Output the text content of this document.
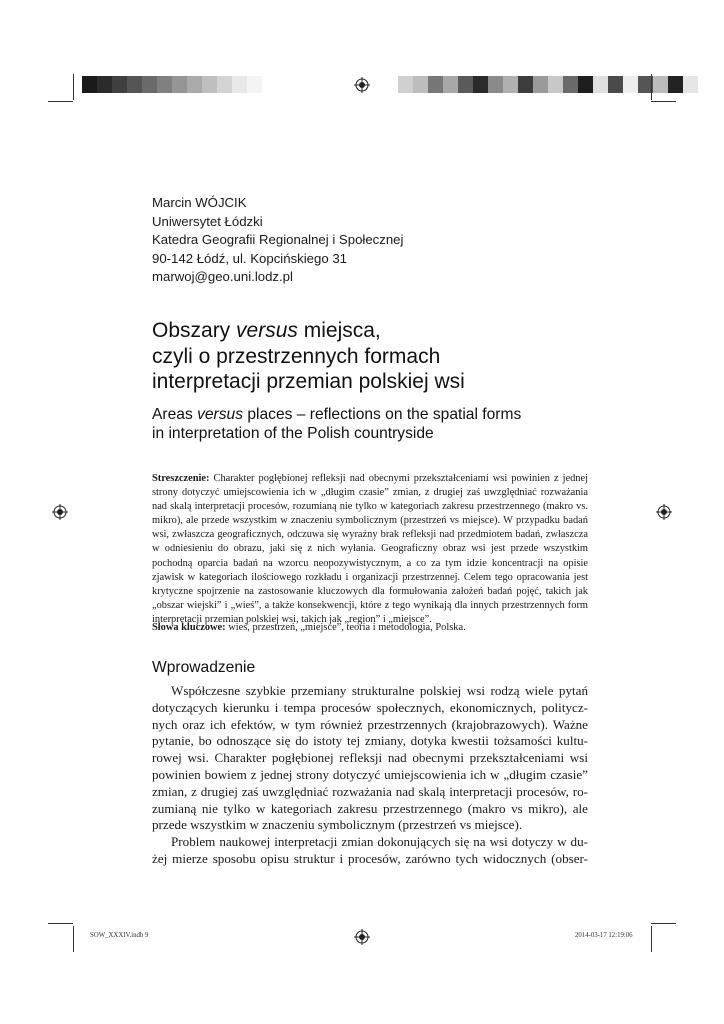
Marcin WÓJCIK
Uniwersytet Łódzki
Katedra Geografii Regionalnej i Społecznej
90-142 Łódź, ul. Kopcińskiego 31
marwoj@geo.uni.lodz.pl
Obszary versus miejsca,
czyli o przestrzennych formach
interpretacji przemian polskiej wsi
Areas versus places – reflections on the spatial forms
in interpretation of the Polish countryside

Streszczenie: Charakter pogłębionej refleksji nad obecnymi przekształceniami wsi powinien z jednej strony dotyczyć umiejscowienia ich w „długim czasie” zmian, z drugiej zaś uwzględniać rozważania nad skalą interpretacji procesów, rozumianą nie tylko w kategoriach zakresu przestrzennego (makro vs. mikro), ale przede wszystkim w znaczeniu symbolicznym (przestrzeń vs miejsce). W przypadku badań wsi, zwłaszcza geograficznych, odczuwa się wyraźny brak refleksji nad przedmiotem badań, zwłaszcza w odniesieniu do obrazu, jaki się z nich wyłania. Geograficzny obraz wsi jest przede wszystkim pochodną oparcia badań na wzorcu neopozywistycznym, a co za tym idzie koncentracji na opisie zjawisk w kategoriach ilościowego rozkładu i organizacji przestrzennej. Celem tego opracowania jest krytyczne spojrzenie na zastosowanie kluczowych dla formułowania założeń badań pojęć, takich jak „obszar wiejski” i „wieś”, a także konsekwencji, które z tego wynikają dla innych przestrzennych form interpretacji przemian polskiej wsi, takich jak „region” i „miejsce”.

Słowa kluczowe: wieś, przestrzeń, „miejsce”, teoria i metodologia, Polska.

Wprowadzenie

Współczesne szybkie przemiany strukturalne polskiej wsi rodzą wiele pytań
dotyczących kierunku i tempa procesów społecznych, ekonomicznych, politycz-
nych oraz ich efektów, w tym również przestrzennych (krajobrazowych). Ważne
pytanie, bo odnoszące się do istoty tej zmiany, dotyka kwestii tożsamości kultu-
rowej wsi. Charakter pogłębionej refleksji nad obecnymi przekształceniami wsi
powinien bowiem z jednej strony dotyczyć umiejscowienia ich w „długim czasie”
zmian, z drugiej zaś uwzględniać rozważania nad skalą interpretacji procesów, ro-
zumianą nie tylko w kategoriach zakresu przestrzennego (makro vs mikro), ale
przede wszystkim w znaczeniu symbolicznym (przestrzeń vs miejsce).

Problem naukowej interpretacji zmian dokonujących się na wsi dotyczy w du-
żej mierze sposobu opisu struktur i procesów, zarówno tych widocznych (obser-

SOW_XXXIV.indb 9	2014-03-17 12:19:06
